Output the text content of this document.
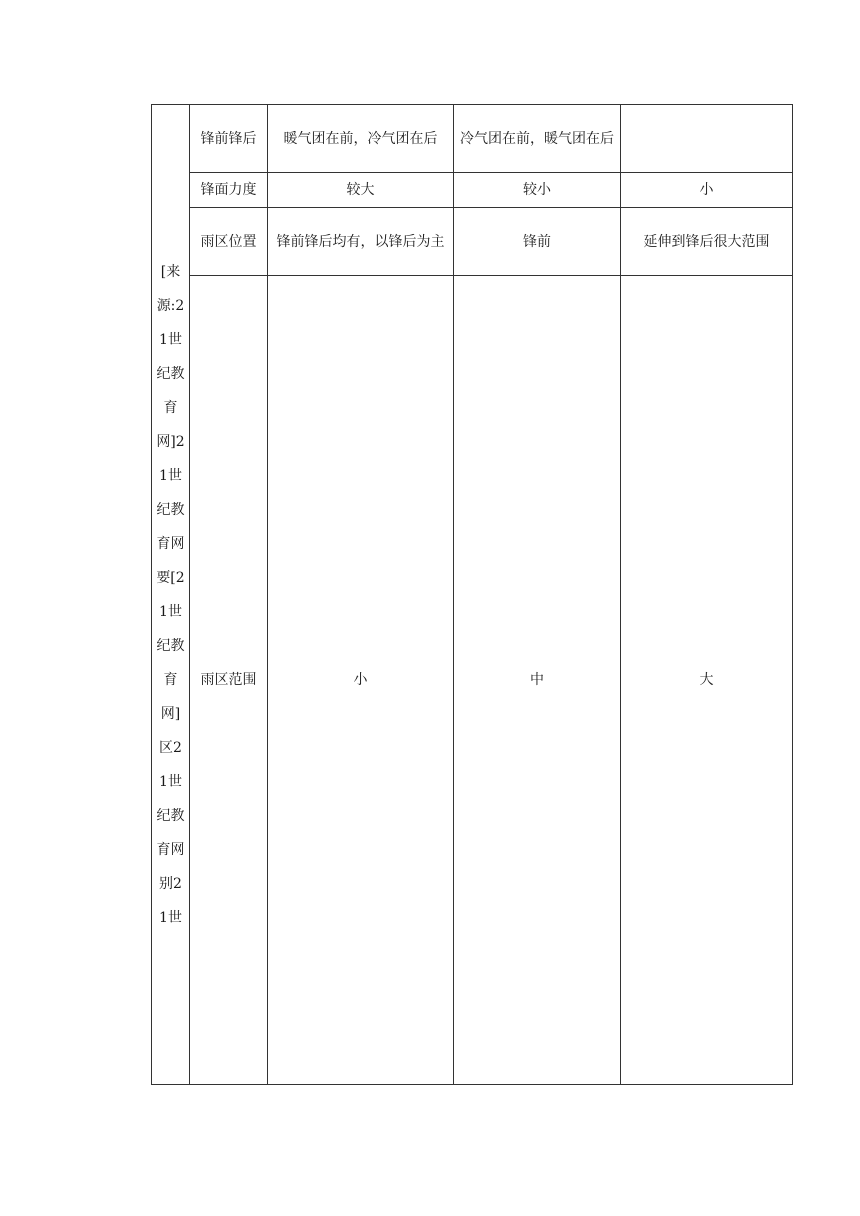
[来源:21世纪教育网]21世纪教育网要[21世纪教育网]区21世纪教育网别21世	锋前锋后	暖气团在前，冷气团在后	冷气团在前，暖气团在后	

	锋面力度	较大	较小	小
	雨区位置	锋前锋后均有，以锋后为主	锋前	延伸到锋后很大范围
	雨区范围	小	中	大
